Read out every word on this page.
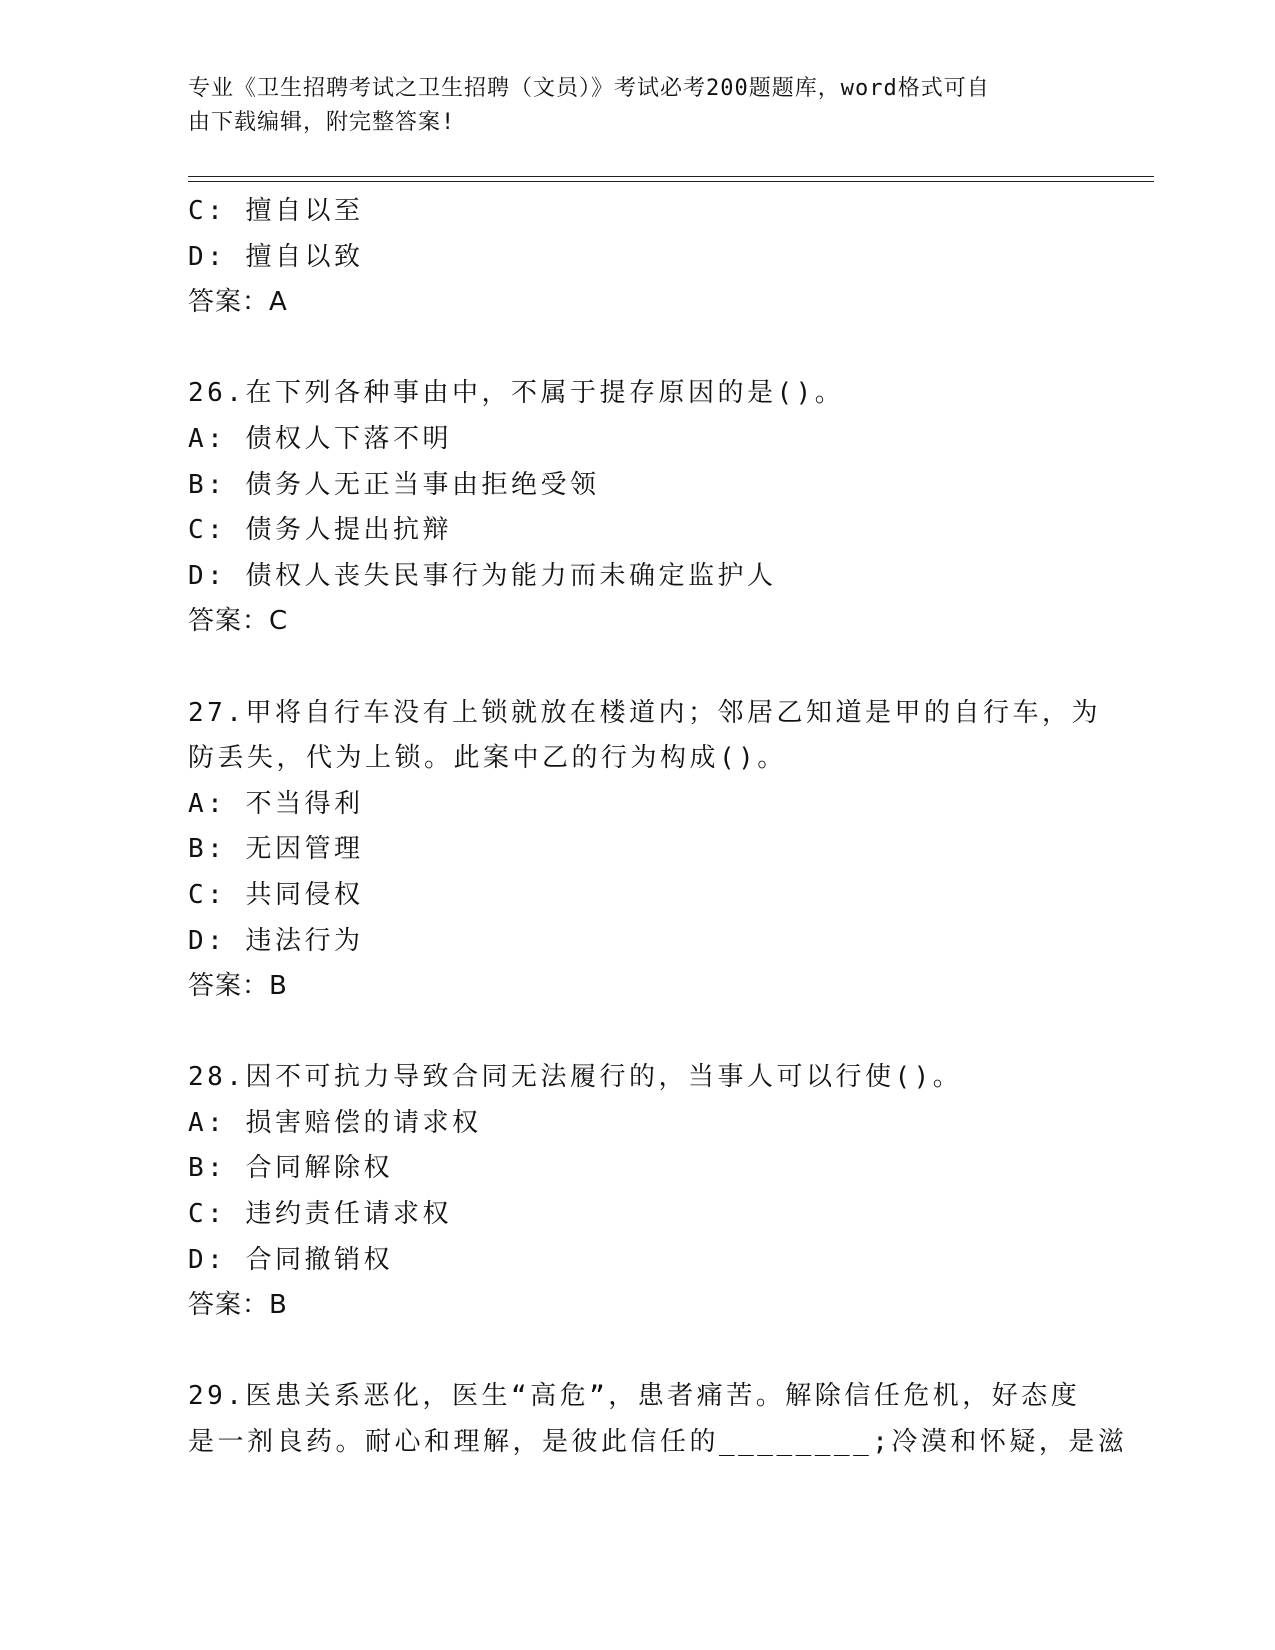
专业《卫生招聘考试之卫生招聘（文员）》考试必考200题题库，word格式可自
由下载编辑，附完整答案!
C: 擅自以至
D: 擅自以致
答案：A
26.在下列各种事由中，不属于提存原因的是()。
A: 债权人下落不明
B: 债务人无正当事由拒绝受领
C: 债务人提出抗辩
D: 债权人丧失民事行为能力而未确定监护人
答案：C
27.甲将自行车没有上锁就放在楼道内；邻居乙知道是甲的自行车，为
防丢失，代为上锁。此案中乙的行为构成()。
A: 不当得利
B: 无因管理
C: 共同侵权
D: 违法行为
答案：B
28.因不可抗力导致合同无法履行的，当事人可以行使()。
A: 损害赔偿的请求权
B: 合同解除权
C: 违约责任请求权
D: 合同撤销权
答案：B
29.医患关系恶化，医生“高危”，患者痛苦。解除信任危机，好态度
是一剂良药。耐心和理解，是彼此信任的________;冷漠和怀疑，是滋
